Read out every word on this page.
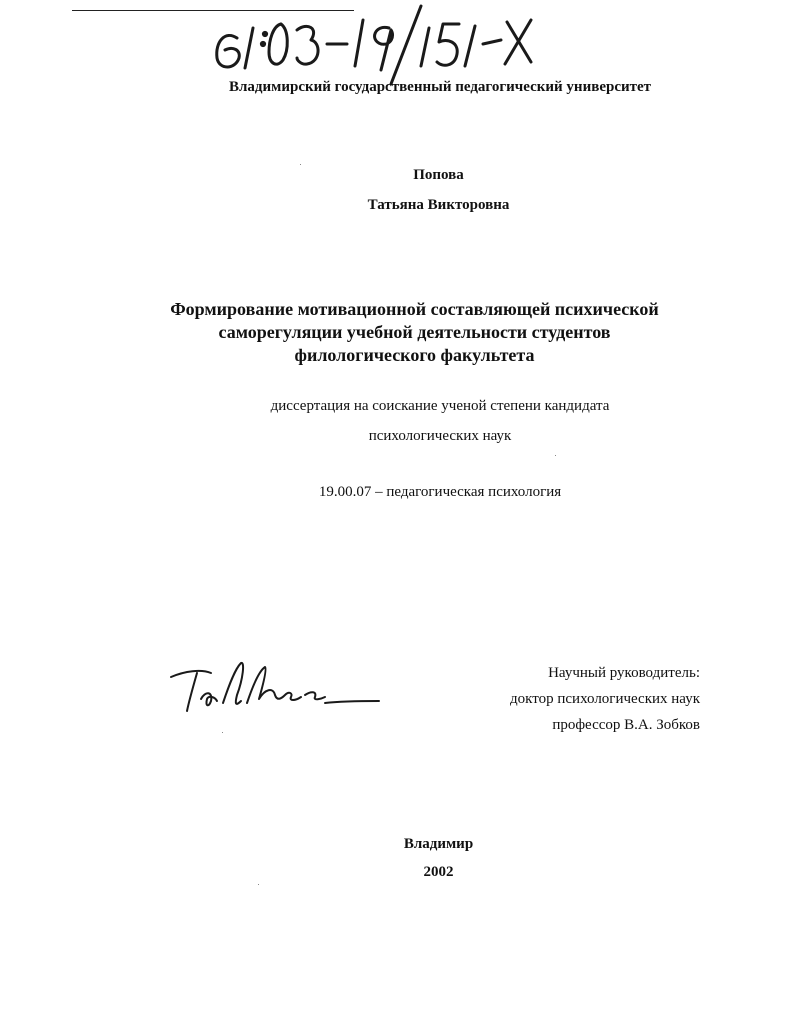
61:03-19/151-X	Владимирский государственный педагогический университет
Попова
Татьяна Викторовна
Формирование мотивационной составляющей психической
саморегуляции учебной деятельности студентов
филологического факультета
диссертация на соискание ученой степени кандидата
психологических наук
19.00.07 – педагогическая психология
Научный руководитель:
доктор психологических наук
профессор В.А. Зобков
Владимир
2002
